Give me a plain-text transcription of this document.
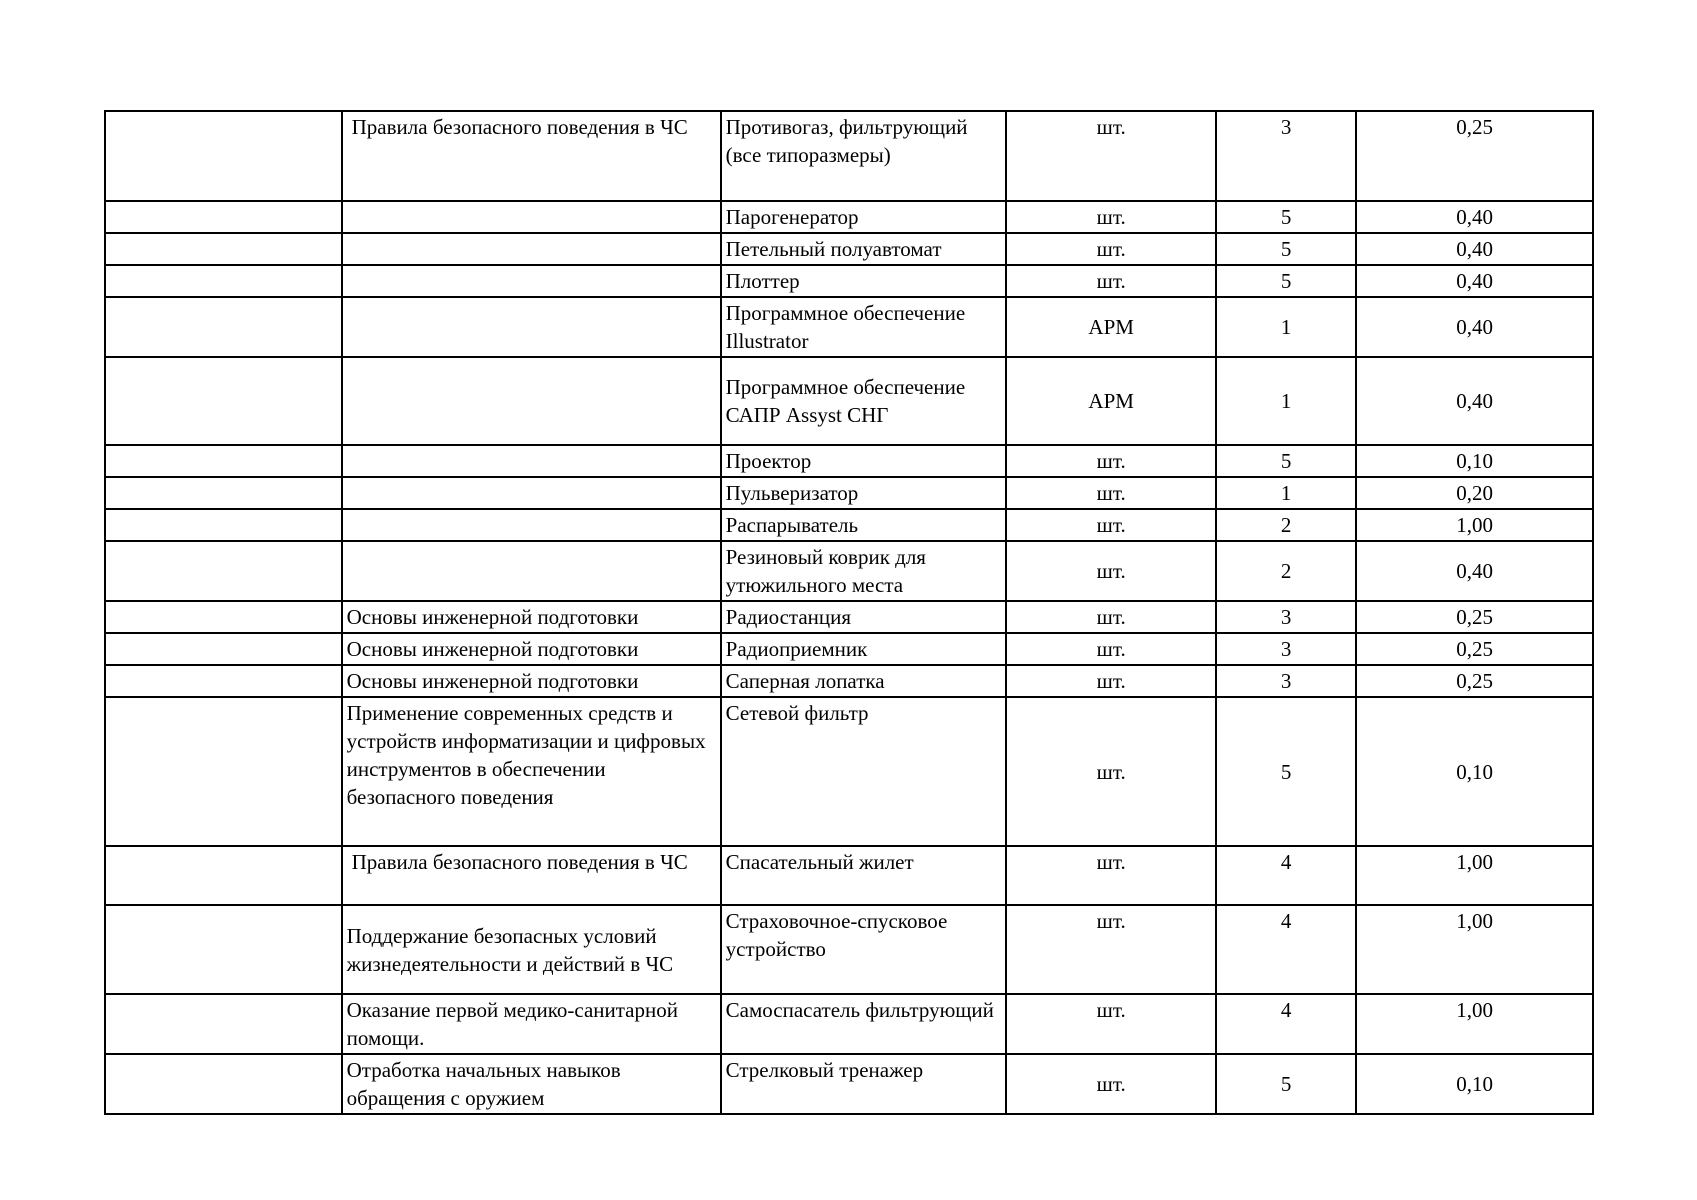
	Правила безопасного поведения в ЧС	Противогаз, фильтрующий (все типоразмеры)	шт.	3	0,25
		Парогенератор	шт.	5	0,40
		Петельный полуавтомат	шт.	5	0,40
		Плоттер	шт.	5	0,40
		Программное обеспечение Illustrator	АРМ	1	0,40
		Программное обеспечение САПР Assyst СНГ	АРМ	1	0,40
		Проектор	шт.	5	0,10
		Пульверизатор	шт.	1	0,20
		Распарыватель	шт.	2	1,00
		Резиновый коврик для утюжильного места	шт.	2	0,40
	Основы инженерной подготовки	Радиостанция	шт.	3	0,25
	Основы инженерной подготовки	Радиоприемник	шт.	3	0,25
	Основы инженерной подготовки	Саперная лопатка	шт.	3	0,25
	Применение современных средств и устройств информатизации и цифровых инструментов в обеспечении безопасного поведения	Сетевой фильтр	шт.	5	0,10
	Правила безопасного поведения в ЧС	Спасательный жилет	шт.	4	1,00
	Поддержание безопасных условий жизнедеятельности и действий в ЧС	Страховочное-спусковое устройство	шт.	4	1,00
	Оказание первой медико-санитарной помощи.	Самоспасатель фильтрующий	шт.	4	1,00
	Отработка начальных навыков обращения с оружием	Стрелковый тренажер	шт.	5	0,10
